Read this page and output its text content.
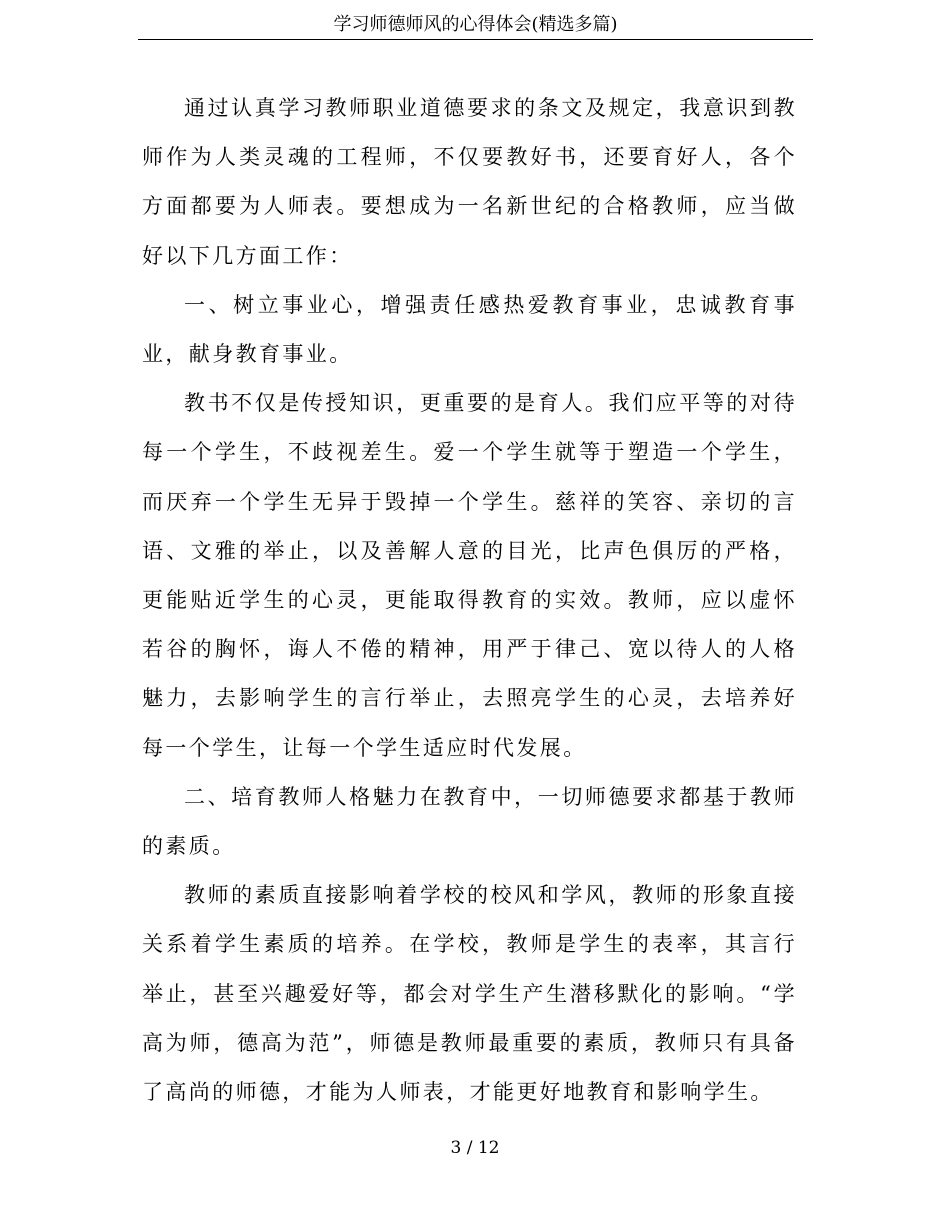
学习师德师风的心得体会(精选多篇)

通过认真学习教师职业道德要求的条文及规定，我意识到教师作为人类灵魂的工程师，不仅要教好书，还要育好人，各个方面都要为人师表。要想成为一名新世纪的合格教师，应当做好以下几方面工作：

一、树立事业心，增强责任感热爱教育事业，忠诚教育事业，献身教育事业。

教书不仅是传授知识，更重要的是育人。我们应平等的对待每一个学生，不歧视差生。爱一个学生就等于塑造一个学生，而厌弃一个学生无异于毁掉一个学生。慈祥的笑容、亲切的言语、文雅的举止，以及善解人意的目光，比声色俱厉的严格，更能贴近学生的心灵，更能取得教育的实效。教师，应以虚怀若谷的胸怀，诲人不倦的精神，用严于律己、宽以待人的人格魅力，去影响学生的言行举止，去照亮学生的心灵，去培养好每一个学生，让每一个学生适应时代发展。

二、培育教师人格魅力在教育中，一切师德要求都基于教师的素质。

教师的素质直接影响着学校的校风和学风，教师的形象直接关系着学生素质的培养。在学校，教师是学生的表率，其言行举止，甚至兴趣爱好等，都会对学生产生潜移默化的影响。“学高为师，德高为范”，师德是教师最重要的素质，教师只有具备了高尚的师德，才能为人师表，才能更好地教育和影响学生。

3 / 12
